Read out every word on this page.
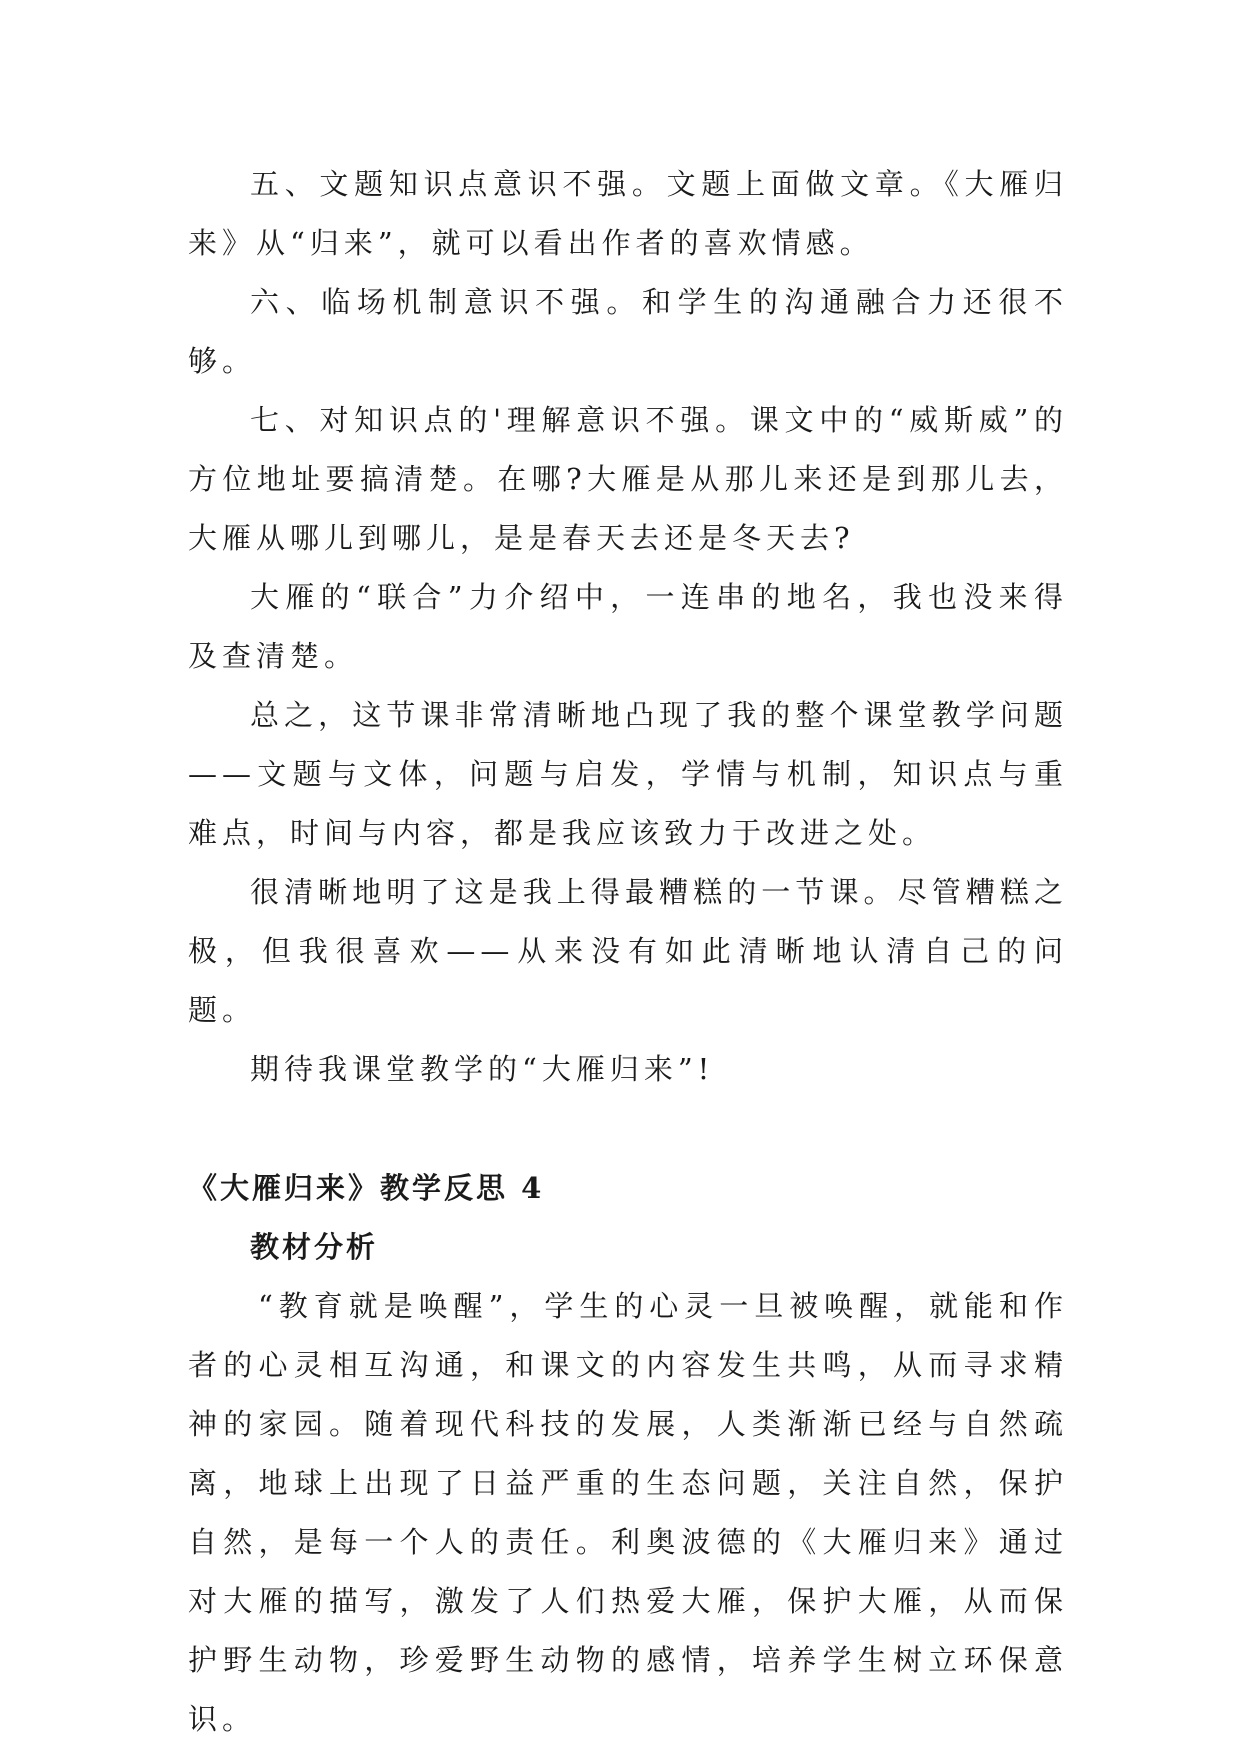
五、文题知识点意识不强。文题上面做文章。《大雁归来》从“归来”，就可以看出作者的喜欢情感。

六、临场机制意识不强。和学生的沟通融合力还很不够。

七、对知识点的'理解意识不强。课文中的“威斯威”的方位地址要搞清楚。在哪?大雁是从那儿来还是到那儿去，大雁从哪儿到哪儿，是是春天去还是冬天去?

大雁的“联合”力介绍中，一连串的地名，我也没来得及查清楚。

总之，这节课非常清晰地凸现了我的整个课堂教学问题——文题与文体，问题与启发，学情与机制，知识点与重难点，时间与内容，都是我应该致力于改进之处。

很清晰地明了这是我上得最糟糕的一节课。尽管糟糕之极，但我很喜欢——从来没有如此清晰地认清自己的问题。

期待我课堂教学的“大雁归来”!

《大雁归来》教学反思 4
教材分析

“教育就是唤醒”，学生的心灵一旦被唤醒，就能和作者的心灵相互沟通，和课文的内容发生共鸣，从而寻求精神的家园。随着现代科技的发展，人类渐渐已经与自然疏离，地球上出现了日益严重的生态问题，关注自然，保护自然，是每一个人的责任。利奥波德的《大雁归来》通过对大雁的描写，激发了人们热爱大雁，保护大雁，从而保护野生动物，珍爱野生动物的感情，培养学生树立环保意识。
